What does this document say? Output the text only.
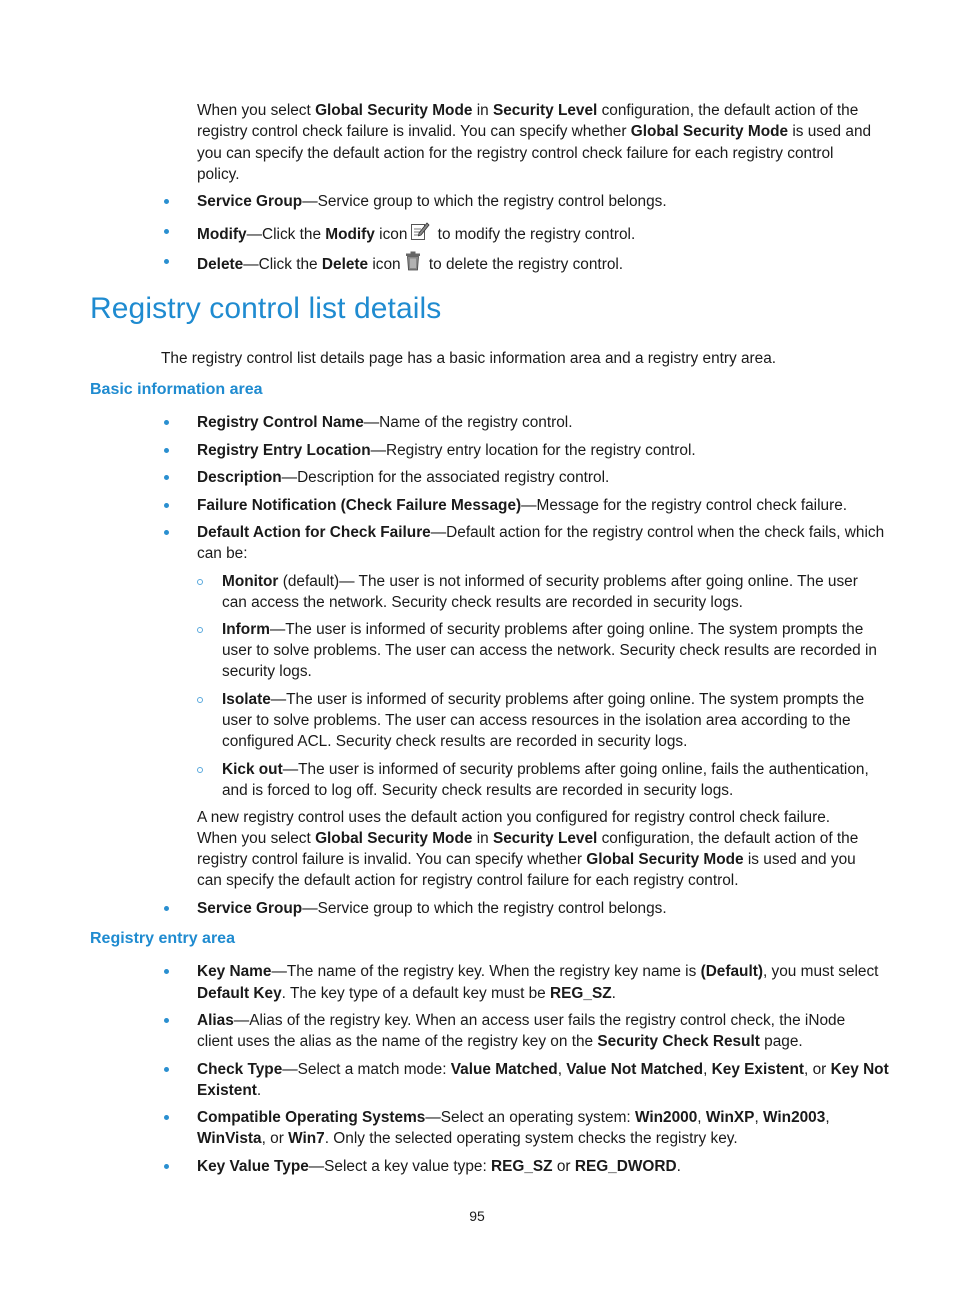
When you select Global Security Mode in Security Level configuration, the default action of the

registry control check failure is invalid. You can specify whether Global Security Mode is used and

you can specify the default action for the registry control check failure for each registry control

policy.

Service Group—Service group to which the registry control belongs.

Modify—Click the Modify icon to modify the registry control.

Delete—Click the Delete icon to delete the registry control.

Registry control list details

The registry control list details page has a basic information area and a registry entry area.

Basic information area

Registry Control Name—Name of the registry control.

Registry Entry Location—Registry entry location for the registry control.

Description—Description for the associated registry control.

Failure Notification (Check Failure Message)—Message for the registry control check failure.

Default Action for Check Failure—Default action for the registry control when the check fails, which

can be:

Monitor (default)— The user is not informed of security problems after going online. The user

can access the network. Security check results are recorded in security logs.

Inform—The user is informed of security problems after going online. The system prompts the

user to solve problems. The user can access the network. Security check results are recorded in

security logs.

Isolate—The user is informed of security problems after going online. The system prompts the

user to solve problems. The user can access resources in the isolation area according to the

configured ACL. Security check results are recorded in security logs.

Kick out—The user is informed of security problems after going online, fails the authentication,

and is forced to log off. Security check results are recorded in security logs.

A new registry control uses the default action you configured for registry control check failure.

When you select Global Security Mode in Security Level configuration, the default action of the

registry control failure is invalid. You can specify whether Global Security Mode is used and you

can specify the default action for registry control failure for each registry control.

Service Group—Service group to which the registry control belongs.

Registry entry area

Key Name—The name of the registry key. When the registry key name is (Default), you must select

Default Key. The key type of a default key must be REG_SZ.

Alias—Alias of the registry key. When an access user fails the registry control check, the iNode

client uses the alias as the name of the registry key on the Security Check Result page.

Check Type—Select a match mode: Value Matched, Value Not Matched, Key Existent, or Key Not

Existent.

Compatible Operating Systems—Select an operating system: Win2000, WinXP, Win2003,

WinVista, or Win7. Only the selected operating system checks the registry key.

Key Value Type—Select a key value type: REG_SZ or REG_DWORD.

95
